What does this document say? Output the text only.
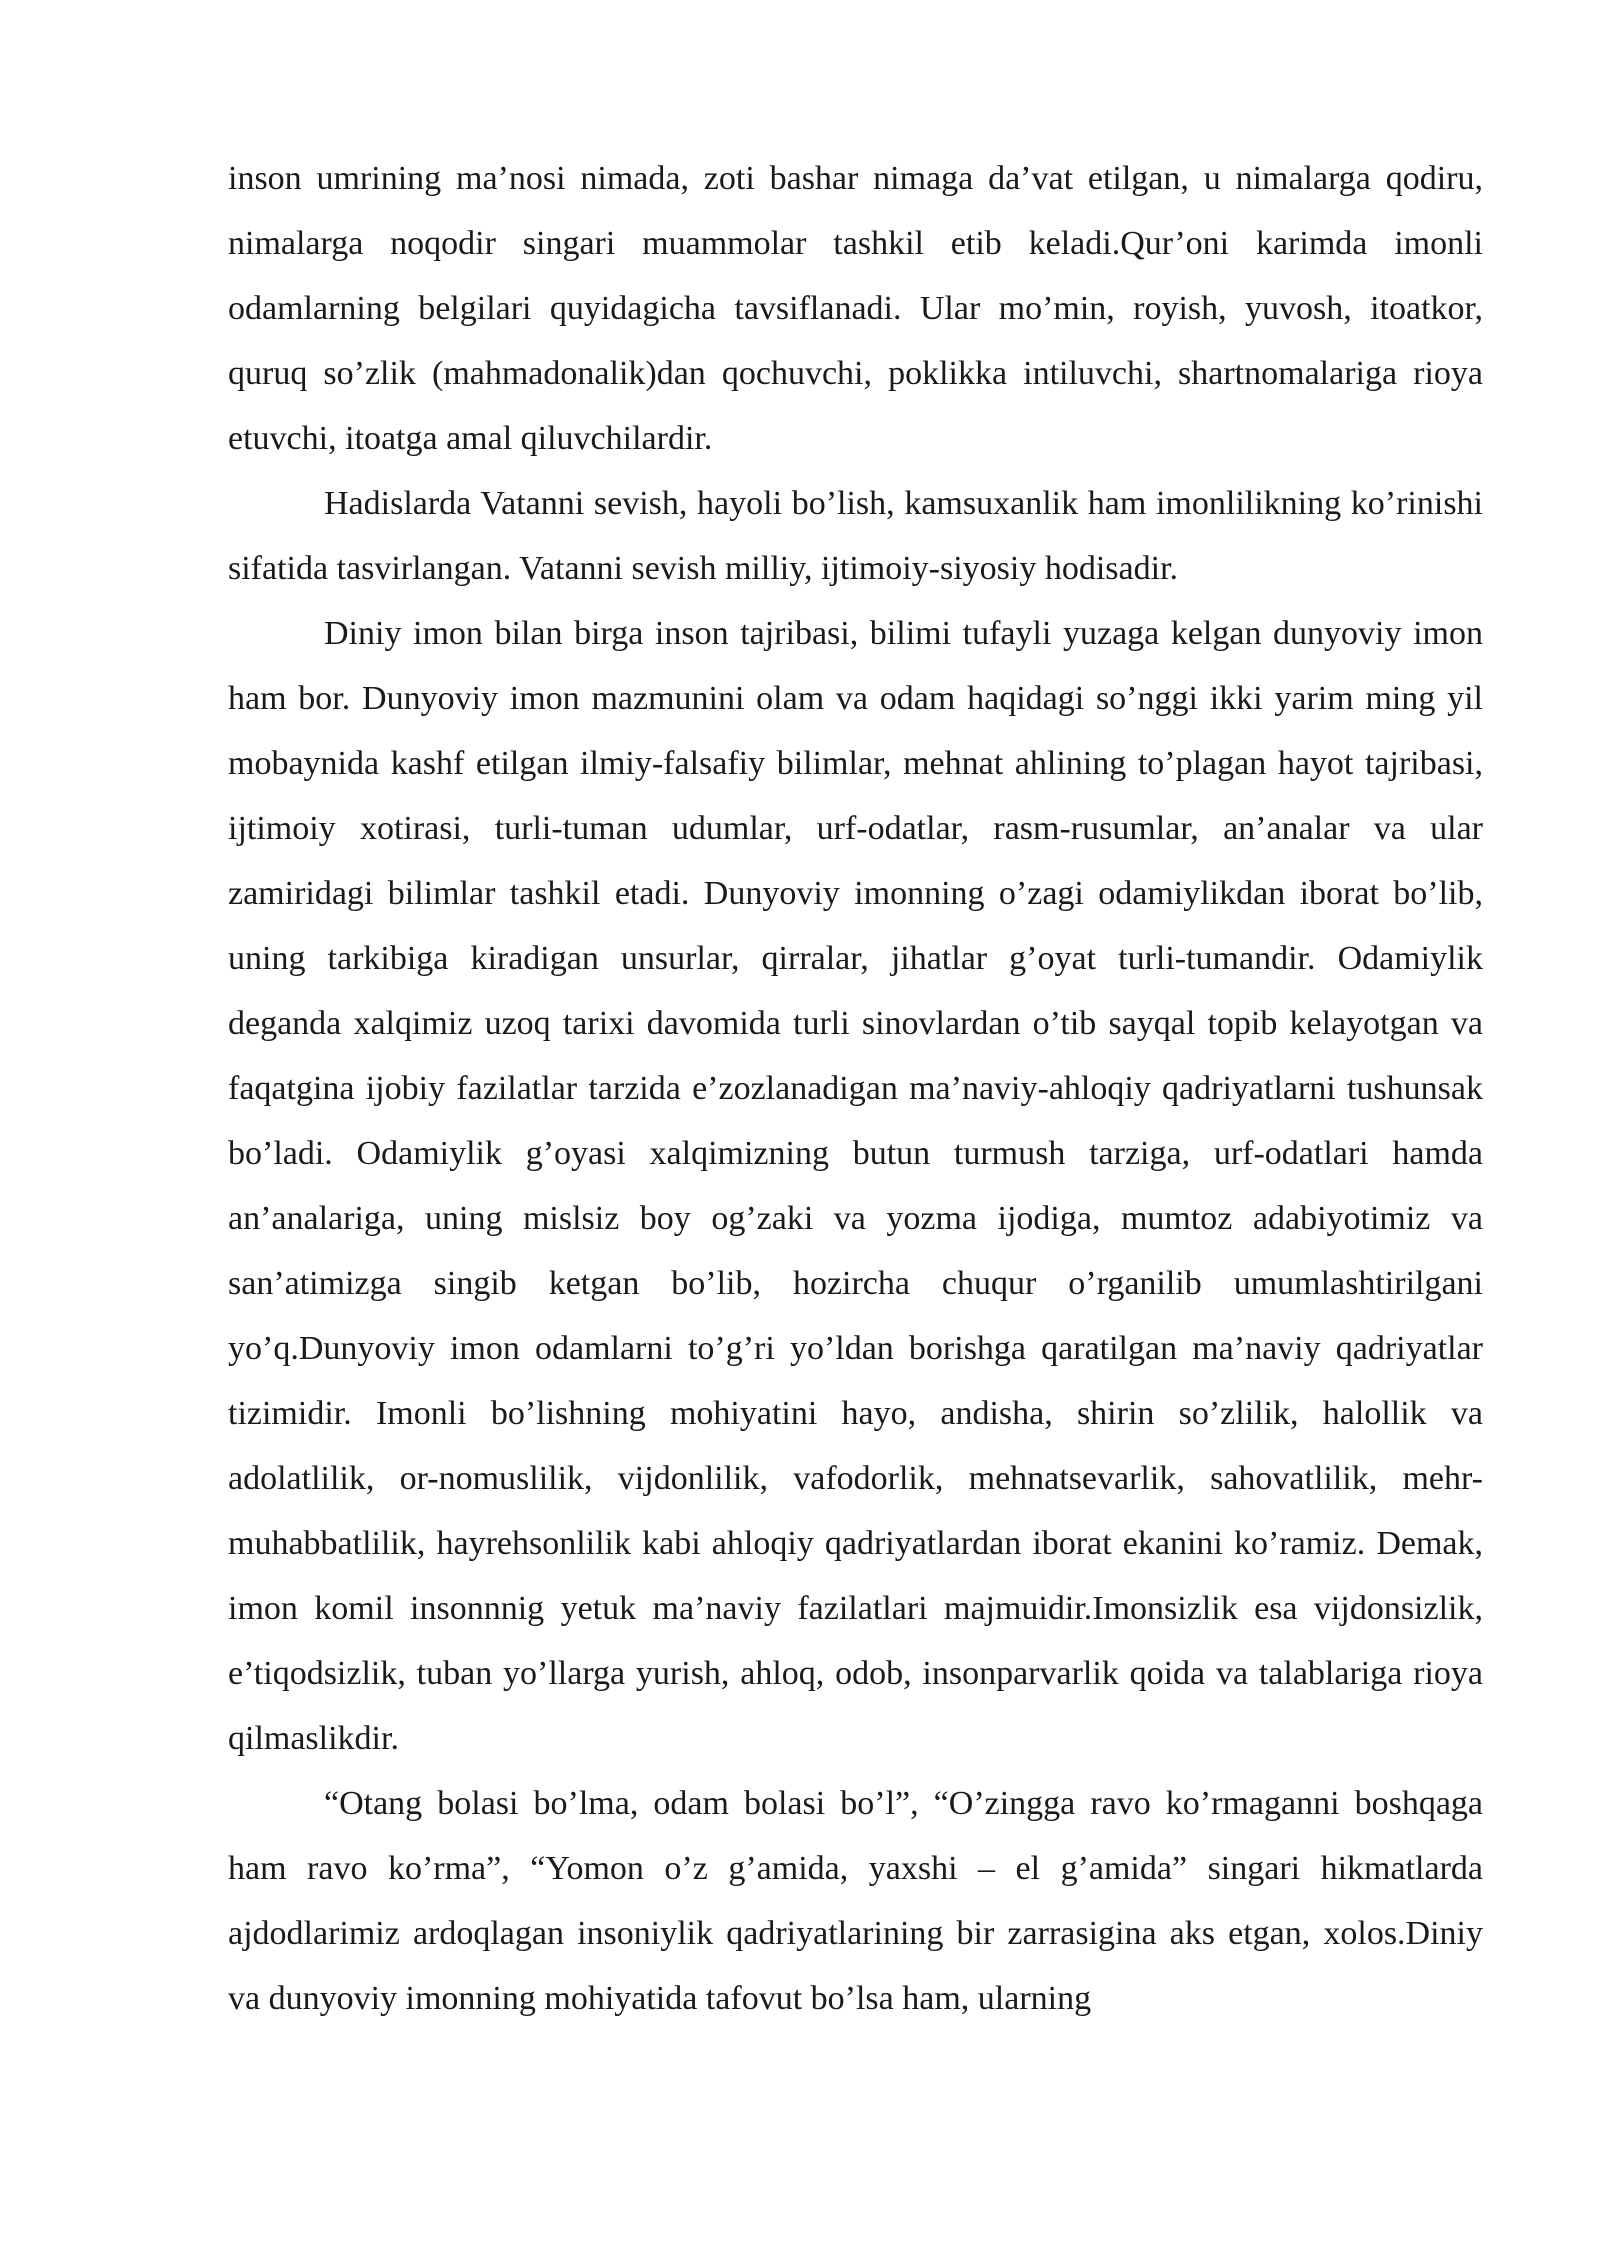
inson umrining ma’nosi nimada, zoti bashar nimaga da’vat etilgan, u nimalarga qodiru, nimalarga noqodir singari muammolar tashkil etib keladi.Qur’oni karimda imonli odamlarning belgilari quyidagicha tavsiflanadi. Ular mo’min, royish, yuvosh, itoatkor, quruq so’zlik (mahmadonalik)dan qochuvchi, poklikka intiluvchi, shartnomalariga rioya etuvchi, itoatga amal qiluvchilardir.

Hadislarda Vatanni sevish, hayoli bo’lish, kamsuxanlik ham imonlilikning ko’rinishi sifatida tasvirlangan. Vatanni sevish milliy, ijtimoiy-siyosiy hodisadir.

Diniy imon bilan birga inson tajribasi, bilimi tufayli yuzaga kelgan dunyoviy imon ham bor. Dunyoviy imon mazmunini olam va odam haqidagi so’nggi ikki yarim ming yil mobaynida kashf etilgan ilmiy-falsafiy bilimlar, mehnat ahlining to’plagan hayot tajribasi, ijtimoiy xotirasi, turli-tuman udumlar, urf-odatlar, rasm-rusumlar, an’analar va ular zamiridagi bilimlar tashkil etadi. Dunyoviy imonning o’zagi odamiylikdan iborat bo’lib, uning tarkibiga kiradigan unsurlar, qirralar, jihatlar g’oyat turli-tumandir. Odamiylik deganda xalqimiz uzoq tarixi davomida turli sinovlardan o’tib sayqal topib kelayotgan va faqatgina ijobiy fazilatlar tarzida e’zozlanadigan ma’naviy-ahloqiy qadriyatlarni tushunsak bo’ladi. Odamiylik g’oyasi xalqimizning butun turmush tarziga, urf-odatlari hamda an’analariga, uning mislsiz boy og’zaki va yozma ijodiga, mumtoz adabiyotimiz va san’atimizga singib ketgan bo’lib, hozircha chuqur o’rganilib umumlashtirilgani yo’q.Dunyoviy imon odamlarni to’g’ri yo’ldan borishga qaratilgan ma’naviy qadriyatlar tizimidir. Imonli bo’lishning mohiyatini hayo, andisha, shirin so’zlilik, halollik va adolatlilik, or-nomuslilik, vijdonlilik, vafodorlik, mehnatsevarlik, sahovatlilik, mehr-muhabbatlilik, hayrehsonlilik kabi ahloqiy qadriyatlardan iborat ekanini ko’ramiz. Demak, imon komil insonnnig yetuk ma’naviy fazilatlari majmuidir.Imonsizlik esa vijdonsizlik, e’tiqodsizlik, tuban yo’llarga yurish, ahloq, odob, insonparvarlik qoida va talablariga rioya qilmaslikdir.

“Otang bolasi bo’lma, odam bolasi bo’l”, “O’zingga ravo ko’rmaganni boshqaga ham ravo ko’rma”, “Yomon o’z g’amida, yaxshi – el g’amida” singari hikmatlarda ajdodlarimiz ardoqlagan insoniylik qadriyatlarining bir zarrasigina aks etgan, xolos.Diniy va dunyoviy imonning mohiyatida tafovut bo’lsa ham, ularning
